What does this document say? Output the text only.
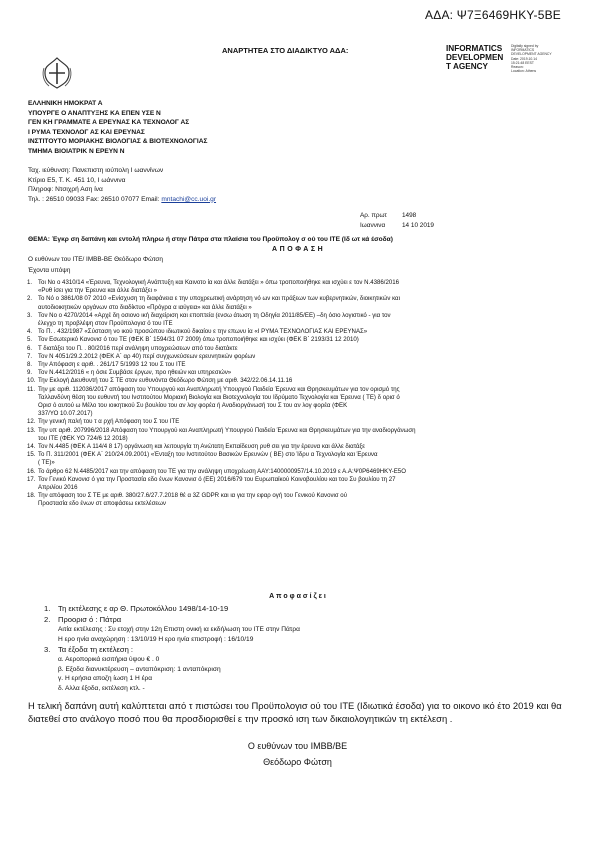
ΑΔΑ: Ψ7Ξ6469ΗΚΥ-5ΒΕ
ΑΝΑΡΤΗΤΕΑ ΣΤΟ ΔΙΑΔΙΚΤΥΟ ΑΔΑ:	INFORMATICS
DEVELOPMEN
T AGENCY
Digitally signed by
INFORMATICS
DEVELOPMENT AGENCY
Date: 2019.10.14
15:21:48 EEST
Reason:
Location: Athens
ΕΛΛΗΝΙΚΗ ΗΜΟΚΡΑΤ Α
ΥΠΟΥΡΓΕ Ο ΑΝΑΠΤΥΞΗΣ ΚΑ ΕΠΕΝ ΥΣΕ Ν
ΓΕΝ ΚΗ ΓΡΑΜΜΑΤΕ Α ΕΡΕΥΝΑΣ ΚΑ ΤΕΧΝΟΛΟΓ ΑΣ
Ι ΡΥΜΑ ΤΕΧΝΟΛΟΓ ΑΣ ΚΑΙ ΕΡΕΥΝΑΣ
ΙΝΣΤΙΤΟΥΤΟ ΜΟΡΙΑΚΗΣ ΒΙΟΛΟΓΙΑΣ & ΒΙΟΤΕΧΝΟΛΟΓΙΑΣ
ΤΜΗΜΑ ΒΙΟΙΑΤΡΙΚ Ν ΕΡΕΥΝ Ν
Ταχ. ιεύθυνση: Πανεπιστη ιούπολη Ι ωαννίνων
Κτίριο Ε5, Τ. Κ. 451 10, Ι ωάννινα
Πληροφ: Ντσιχρή Αση ίνα
Τηλ. : 26510 09033 Fax: 26510 07077 Email: mntachi@cc.uoi.gr
Αρ. πρωτ 1498
Ιωαννινα	14 10 2019
ΘΕΜΑ: Έγκρ ση δαπάνη και εντολή πληρω ή στην Πάτρα στα πλαίσια του Προϋπολογ σ ού του ΙΤΕ (Ιδ ωτ κά έσοδα)
Α Π Ο Φ Α Σ Η
Ο ευθύνων του ΙΤΕ/ ΙΜΒΒ-ΒΕ Θεόδωρο Φώτση
Έχοντα υπόψη
1. Τοι Νο ο 4310/14 «Έρευνα, Τεχνολογική Ανάπτυξη και Καινοτο ία και άλλε διατάξει » όπω τροποποιήθηκε και ισχύει ε τον Ν.4386/2016
«Ρυθ ίσει για την Έρευνα και άλλε διατάξει »
2. Το Νό ο 3861/08 07 2010 «Ενίσχυση τη διαφάνεια ε την υποχρεωτική ανάρτηση νό ων και πράξεων των κυβερνητικών, διοικητικών και
αυτοδιοικητικών οργάνων στο διαδίκτυο «Πρόγρα α ιαύγεια» και άλλε διατάξει »
3. Τον Νο ο 4270/2014 «Αρχέ δη οσιονο ική διαχείριση και εποπτεία (ενσω άτωση τη Οδηγία 2011/85/ΕΕ) –δη όσιο λογιστικό - για τον
έλεγχο τη προβλέψη στον Προϋπολογισ ό του ΙΤΕ
4. Το Π. . 432/1987 «Σύσταση νο ικού προσώπου ιδιωτικού δικαίου ε την επωνυ ία «Ι ΡΥΜΑ ΤΕΧΝΟΛΟΓΙΑΣ ΚΑΙ ΕΡΕΥΝΑΣ»
5. Τον Εσωτερικό Κανονισ ό του ΤΕ (ΦΕΚ Β΄ 1594/31 07 2009) όπω τροποποιήθηκε και ισχύει (ΦΕΚ Β΄ 2193/31 12 2010)
6. Τ διατάξει του Π. . 80/2016 περί ανάληψη υποχρεώσεων από του διατάκτε
7. Τον Ν 4051/29.2.2012 (ΦΕΚ Α΄ αρ 40) περί συγχωνεύσεων ερευνητικών φορέων
8. Την Απόφαση ε αριθ. . 261/17 5/1993 12 του Σ του ΙΤΕ
9. Τον Ν.4412/2016 « η όσιε Συμβάσε έργων, προ ηθειών και υπηρεσιών»
10. Την Εκλογή Διευθυντή του Σ ΤΕ στον ευθυνόντα Θεόδωρο Φώτση με αριθ. 342/22.06.14.11.16
11. Την με αριθ. 112036/2017 απόφαση του Υπουργού και Αναπληρωτή Υπουργού Παιδεία Έρευνα και Θρησκευμάτων για τον ορισμό της
Ταλλανδύνη θέση του ευθυντή του Ινστιτούτου Μοριακή Βιολογία και Βιοτεχνολογία του Ιδρύματο Τεχνολογία και Έρευνα ( ΤΕ) δ ορισ ό
Ορισ ό αυτού ω Μέλο του ιοικητικού Συ βουλίου του αν λογ φορέα ή Αναδιοργάνωσή του Σ του αν λογ φορέα (ΦΕΚ
337/ΥΟ 10.07.2017)
12. Την γενική παλή του τ α ρχή Απόφαση του Σ του ΙΤΕ
13. Την υπ αριθ. 207996/2018 Απόφαση του Υπουργού και Αναπληρωτή Υπουργού Παιδεία Έρευνα και Θρησκευμάτων για την αναδιοργάνωση
του ΙΤΕ (ΦΕΚ ΥΟ 724/6 12 2018)
14. Τον Ν.4485 (ΦΕΚ Α 114/4 8 17) οργάνωση και λειτουργία τη Ανώτατη Εκπαίδευση ρυθ σει για την έρευνα και άλλε διατάξε
15. Το Π. 311/2001 (ΦΕΚ Α΄ 210/24.09.2001) «Ένταξη του Ινστιτούτου Βασικών Ερευνών ( ΒΕ) στο Ίδρυ α Τεχνολογία και Έρευνα
( ΤΕ)»
16. Το άρθρο 62 Ν.4485/2017 και την απόφαση του ΤΕ για την ανάληψη υποχρέωση ΑΑΥ:1400000957/14.10.2019 ε Α.Α:Ψ0Ρ6469ΗΚΥ-Ε5Ο
17. Τον Γενικό Κανονισ ό για την Προστασία εδο ένων Κανονισ ό (ΕΕ) 2016/679 του Ευρωπαϊκού Κοινοβουλίου και του Συ βουλίου τη 27
Απριλίου 2016
18. Την απόφαση του Σ ΤΕ με αριθ. 380/27.6/27.7.2018 θέ α 3Ζ GDPR και ια για την εφαρ ογή του Γενικού Κανονισ ού
Προστασία εδο ένων στ αποφάσεω εκτελέσεων
Α π ο φ α σ ί ζ ε ι
1. Τη εκτέλεσης ε αρ Θ. Πρωτοκόλλου 1498/14-10-19
2. Προορισ ό : Πάτρα
Αιτία εκτέλεσης : Συ ετοχή στην 12η Επιστη ονική ια εκδήλωση του ΙΤΕ στην Πάτρα
Η ερο ηνία αναχώρηση : 13/10/19 Η ερο ηνία επιστροφή : 16/10/19
3. Τα έξοδα τη εκτέλεση :
α. Αεροπορικά εισιτήρια ύψου € . 0
β. Εξοδα διανυκτέρευση – ανταπόκριση: 1 ανταπόκριση
γ. Η ερήσια αποζη ίωση 1 Η έρα
δ. Αλλα έξοδα, εκτέλεση κτλ. -
Η τελική δαπάνη αυτή καλύπτεται από τ πιστώσει του Προϋπολογισ ού του ΙΤΕ (Ιδιωτικά έσοδα) για το οικονο ικό έτο 2019 και θα διατεθεί στο ανάλογο ποσό που θα προσδιορισθεί ε την προσκό ιση των δικαιολογητικών τη εκτέλεση .
Ο ευθύνων του ΙΜΒΒ/ΒΕ
Θεόδωρο Φώτση
